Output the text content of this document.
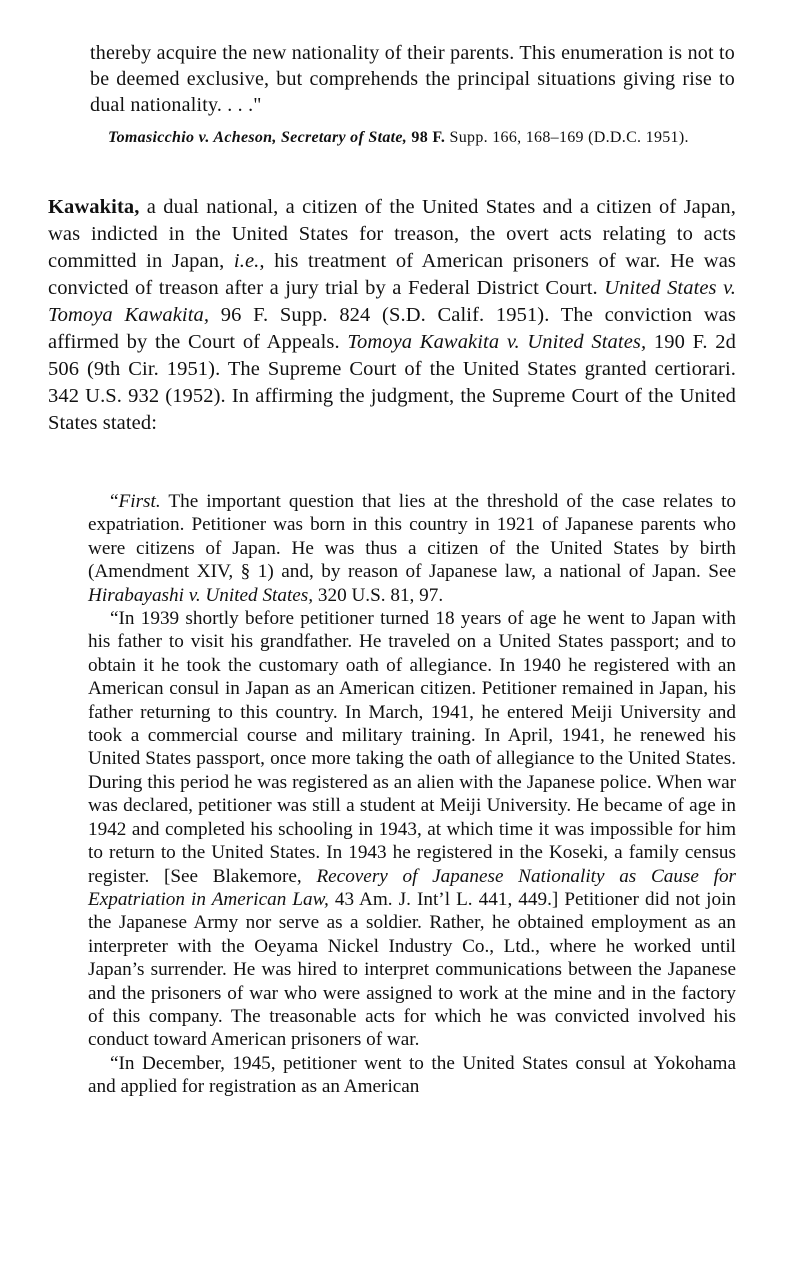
thereby acquire the new nationality of their parents. This enumeration is not to be deemed exclusive, but comprehends the principal situations giving rise to dual nationality. . . ."

Tomasicchio v. Acheson, Secretary of State, 98 F. Supp. 166, 168–169 (D.D.C. 1951).

Kawakita, a dual national, a citizen of the United States and a citizen of Japan, was indicted in the United States for treason, the overt acts relating to acts committed in Japan, i.e., his treatment of American prisoners of war. He was convicted of treason after a jury trial by a Federal District Court. United States v. Tomoya Kawakita, 96 F. Supp. 824 (S.D. Calif. 1951). The conviction was affirmed by the Court of Appeals. Tomoya Kawakita v. United States, 190 F. 2d 506 (9th Cir. 1951). The Supreme Court of the United States granted certiorari. 342 U.S. 932 (1952). In affirming the judgment, the Supreme Court of the United States stated:

“First. The important question that lies at the threshold of the case relates to expatriation. Petitioner was born in this country in 1921 of Japanese parents who were citizens of Japan. He was thus a citizen of the United States by birth (Amendment XIV, § 1) and, by reason of Japanese law, a national of Japan. See Hirabayashi v. United States, 320 U.S. 81, 97.

“In 1939 shortly before petitioner turned 18 years of age he went to Japan with his father to visit his grandfather. He traveled on a United States passport; and to obtain it he took the customary oath of allegiance. In 1940 he registered with an American consul in Japan as an American citizen. Petitioner remained in Japan, his father returning to this country. In March, 1941, he entered Meiji University and took a commercial course and military training. In April, 1941, he renewed his United States passport, once more taking the oath of allegiance to the United States. During this period he was registered as an alien with the Japanese police. When war was declared, petitioner was still a student at Meiji University. He became of age in 1942 and completed his schooling in 1943, at which time it was impossible for him to return to the United States. In 1943 he registered in the Koseki, a family census register. [See Blakemore, Recovery of Japanese Nationality as Cause for Expatriation in American Law, 43 Am. J. Int’l L. 441, 449.] Petitioner did not join the Japanese Army nor serve as a soldier. Rather, he obtained employment as an interpreter with the Oeyama Nickel Industry Co., Ltd., where he worked until Japan’s surrender. He was hired to interpret communications between the Japanese and the prisoners of war who were assigned to work at the mine and in the factory of this company. The treasonable acts for which he was convicted involved his conduct toward American prisoners of war.

“In December, 1945, petitioner went to the United States consul at Yokohama and applied for registration as an American
